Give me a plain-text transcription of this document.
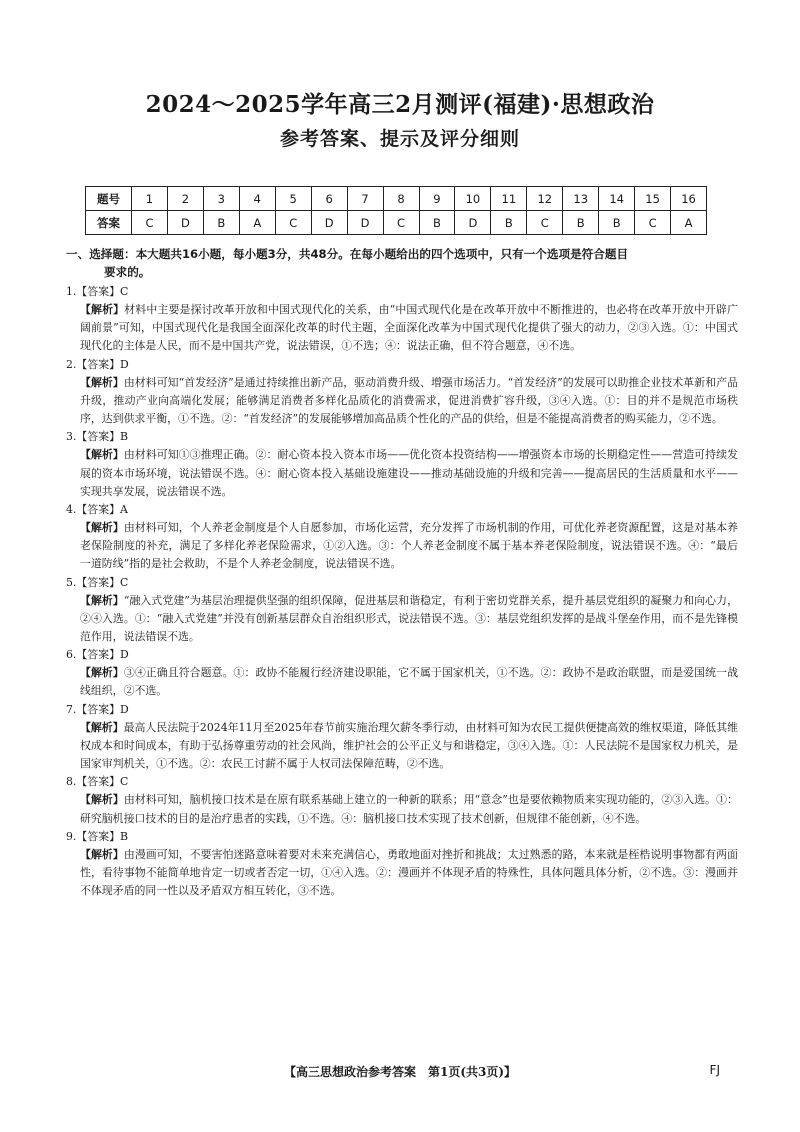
2024～2025学年高三2月测评(福建)·思想政治
参考答案、提示及评分细则
题号	1	2	3	4	5	6	7	8	9	10	11	12	13	14	15	16
答案	C	D	B	A	C	D	D	C	B	D	B	C	B	B	C	A
一、选择题：本大题共16小题，每小题3分，共48分。在每小题给出的四个选项中，只有一个选项是符合题目
要求的。
1.【答案】C
【解析】材料中主要是探讨改革开放和中国式现代化的关系，由“中国式现代化是在改革开放中不断推进的，也必将在改革开放中开辟广阔前景”可知，中国式现代化是我国全面深化改革的时代主题，全面深化改革为中国式现代化提供了强大的动力，②③入选。①：中国式现代化的主体是人民，而不是中国共产党，说法错误，①不选；④：说法正确，但不符合题意，④不选。
2.【答案】D
【解析】由材料可知“首发经济”是通过持续推出新产品，驱动消费升级、增强市场活力。“首发经济”的发展可以助推企业技术革新和产品升级，推动产业向高端化发展；能够满足消费者多样化品质化的消费需求，促进消费扩容升级，③④入选。①：目的并不是规范市场秩序，达到供求平衡，①不选。②：“首发经济”的发展能够增加高品质个性化的产品的供给，但是不能提高消费者的购买能力，②不选。
3.【答案】B
【解析】由材料可知①③推理正确。②：耐心资本投入资本市场——优化资本投资结构——增强资本市场的长期稳定性——营造可持续发展的资本市场环境，说法错误不选。④：耐心资本投入基础设施建设——推动基础设施的升级和完善——提高居民的生活质量和水平——实现共享发展，说法错误不选。
4.【答案】A
【解析】由材料可知，个人养老金制度是个人自愿参加，市场化运营，充分发挥了市场机制的作用，可优化养老资源配置，这是对基本养老保险制度的补充，满足了多样化养老保险需求，①②入选。③：个人养老金制度不属于基本养老保险制度，说法错误不选。④：“最后一道防线”指的是社会救助，不是个人养老金制度，说法错误不选。
5.【答案】C
【解析】“融入式党建”为基层治理提供坚强的组织保障，促进基层和谐稳定，有利于密切党群关系，提升基层党组织的凝聚力和向心力，②④入选。①：“融入式党建”并没有创新基层群众自治组织形式，说法错误不选。③：基层党组织发挥的是战斗堡垒作用，而不是先锋模范作用，说法错误不选。
6.【答案】D
【解析】③④正确且符合题意。①：政协不能履行经济建设职能，它不属于国家机关，①不选。②：政协不是政治联盟，而是爱国统一战线组织，②不选。
7.【答案】D
【解析】最高人民法院于2024年11月至2025年春节前实施治理欠薪冬季行动，由材料可知为农民工提供便捷高效的维权渠道，降低其维权成本和时间成本，有助于弘扬尊重劳动的社会风尚，维护社会的公平正义与和谐稳定，③④入选。①：人民法院不是国家权力机关，是国家审判机关，①不选。②：农民工讨薪不属于人权司法保障范畴，②不选。
8.【答案】C
【解析】由材料可知，脑机接口技术是在原有联系基础上建立的一种新的联系；用“意念”也是要依赖物质来实现功能的，②③入选。①：研究脑机接口技术的目的是治疗患者的实践，①不选。④：脑机接口技术实现了技术创新，但规律不能创新，④不选。
9.【答案】B
【解析】由漫画可知，不要害怕迷路意味着要对未来充满信心，勇敢地面对挫折和挑战；太过熟悉的路，本来就是桎梏说明事物都有两面性，看待事物不能简单地肯定一切或者否定一切，①④入选。②：漫画并不体现矛盾的特殊性，具体问题具体分析，②不选。③：漫画并不体现矛盾的同一性以及矛盾双方相互转化，③不选。
【高三思想政治参考答案　第1页(共3页)】	FJ
